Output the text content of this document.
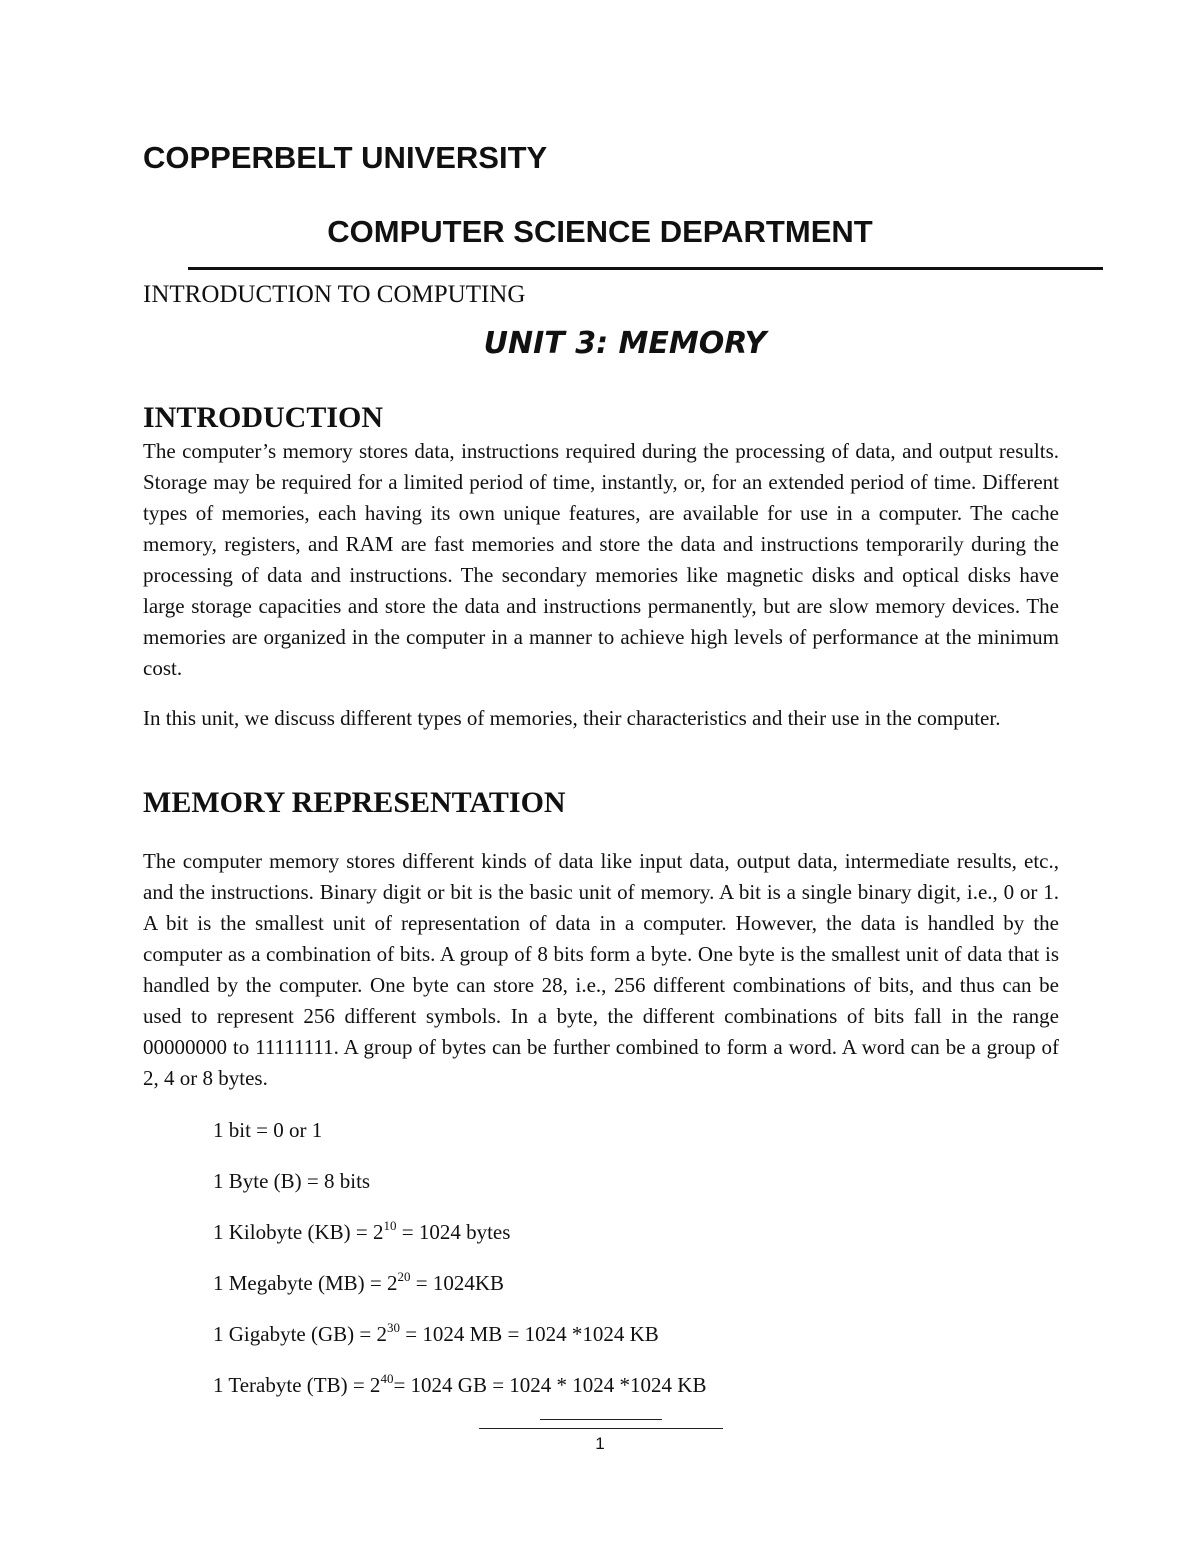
COPPERBELT UNIVERSITY
COMPUTER SCIENCE DEPARTMENT
INTRODUCTION TO COMPUTING
UNIT 3: MEMORY
INTRODUCTION

The computer’s memory stores data, instructions required during the processing of data, and output results. Storage may be required for a limited period of time, instantly, or, for an extended period of time. Different types of memories, each having its own unique features, are available for use in a computer. The cache memory, registers, and RAM are fast memories and store the data and instructions temporarily during the processing of data and instructions. The secondary memories like magnetic disks and optical disks have large storage capacities and store the data and instructions permanently, but are slow memory devices. The memories are organized in the computer in a manner to achieve high levels of performance at the minimum cost.

In this unit, we discuss different types of memories, their characteristics and their use in the computer.

MEMORY REPRESENTATION

The computer memory stores different kinds of data like input data, output data, intermediate results, etc., and the instructions. Binary digit or bit is the basic unit of memory. A bit is a single binary digit, i.e., 0 or 1. A bit is the smallest unit of representation of data in a computer. However, the data is handled by the computer as a combination of bits. A group of 8 bits form a byte. One byte is the smallest unit of data that is handled by the computer. One byte can store 28, i.e., 256 different combinations of bits, and thus can be used to represent 256 different symbols. In a byte, the different combinations of bits fall in the range 00000000 to 11111111. A group of bytes can be further combined to form a word. A word can be a group of 2, 4 or 8 bytes.

1 bit = 0 or 1
1 Byte (B) = 8 bits
1 Kilobyte $(KB) = 2^{10} = 1024$ bytes
1 Megabyte $(MB) = 2^{20} = 1024KB$
1 Gigabyte $(GB) = 2^{30} = 1024$ MB = 1024 *1024 KB
1 Terabyte $(TB) = 2^{40}= 1024$ GB = 1024 * 1024 *1024 KB
1
